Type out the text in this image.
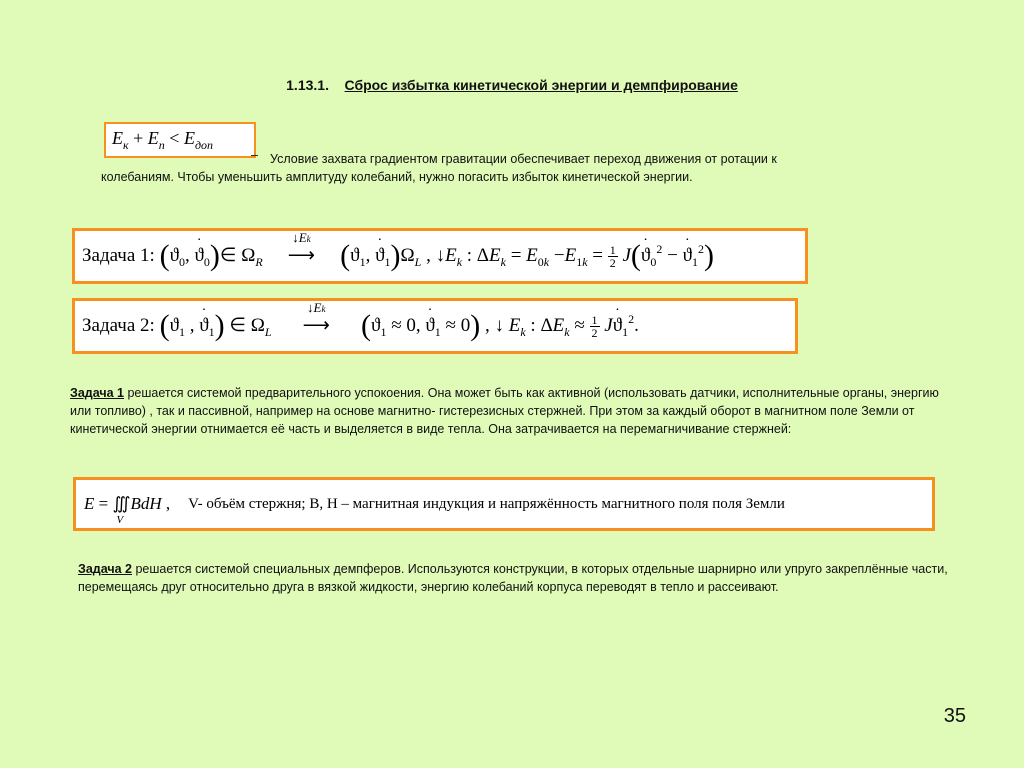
1.13.1. Сброс избытка кинетической энергии и демпфирование
$E_к + E_п < E_{доп}$
– Условие захвата градиентом гравитации обеспечивает переход движения от ротации к колебаниям. Чтобы уменьшить амплитуду колебаний, нужно погасить избыток кинетической энергии.
Задача 1: ($ϑ_0$, ϑ $˙_0)\in$ $\Omega_R$
↓Ek
⟶ ($ϑ_1$, ϑ $˙_1)\Omega_L$ , $↓E_k$ : $\Delta E_k = E_{0k} -E_{1k} = \frac{1}{2} J(ϑ$ $˙_0^2 - ϑ$ $˙_1^2$)
Задача 2: ($ϑ_1$ , ϑ $˙_1$) ∈ $\Omega_L$
↓Ek
⟶ ($ϑ_1 \approx 0$, ϑ $˙_1 \approx 0$) , ↓ $E_k$ : $\Delta E_k \approx \frac{1}{2}$ Jϑ $˙_1^2$.
Задача 1 решается системой предварительного успокоения. Она может быть как активной (использовать датчики, исполнительные органы, энергию или топливо) , так и пассивной, например на основе магнитно- гистерезисных стержней. При этом за каждый оборот в магнитном поле Земли от кинетической энергии отнимается её часть и выделяется в виде тепла. Она затрачивается на перемагничивание стержней:
E = ∭
V
BdH , V- объём стержня; B, H – магнитная индукция и напряжённость магнитного поля поля Земли
Задача 2 решается системой специальных демпферов. Используются конструкции, в которых отдельные шарнирно или упруго закреплённые части, перемещаясь друг относительно друга в вязкой жидкости, энергию колебаний корпуса переводят в тепло и рассеивают.
35
